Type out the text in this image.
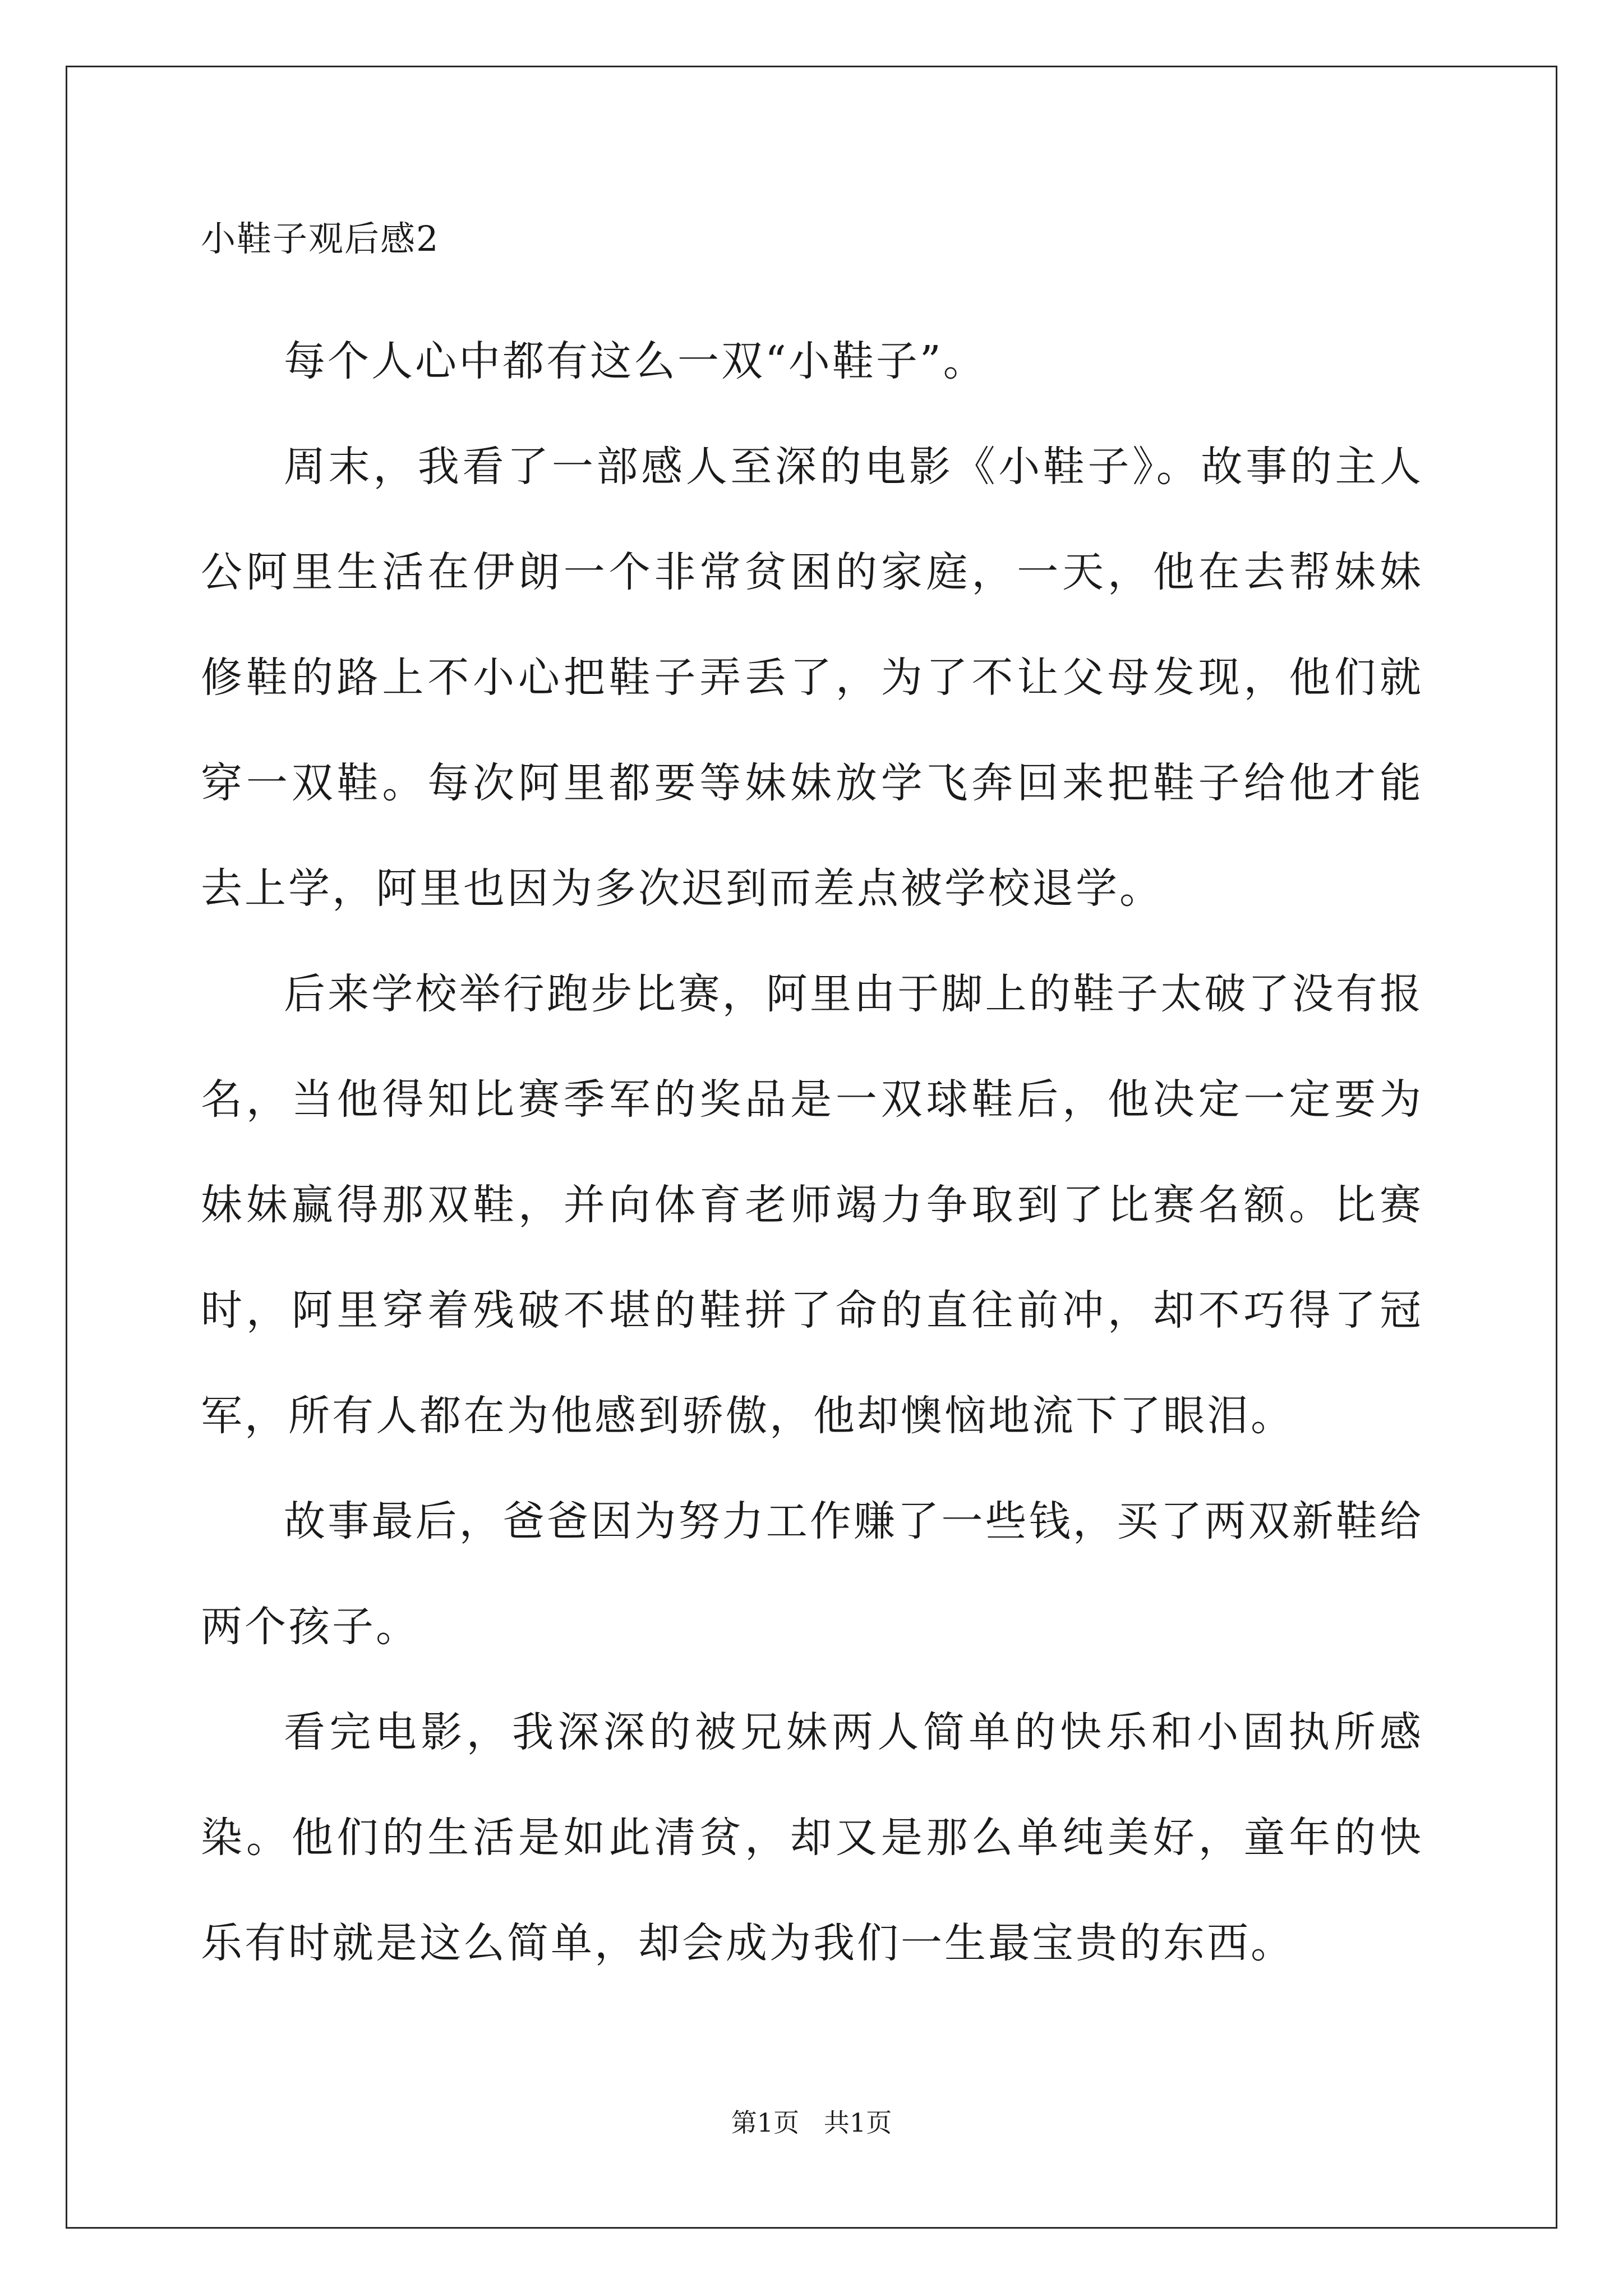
小鞋子观后感2

每个人心中都有这么一双“小鞋子”。

周末，我看了一部感人至深的电影《小鞋子》。故事的主人公阿里生活在伊朗一个非常贫困的家庭，一天，他在去帮妹妹修鞋的路上不小心把鞋子弄丢了，为了不让父母发现，他们就穿一双鞋。每次阿里都要等妹妹放学飞奔回来把鞋子给他才能去上学，阿里也因为多次迟到而差点被学校退学。

后来学校举行跑步比赛，阿里由于脚上的鞋子太破了没有报名，当他得知比赛季军的奖品是一双球鞋后，他决定一定要为妹妹赢得那双鞋，并向体育老师竭力争取到了比赛名额。比赛时，阿里穿着残破不堪的鞋拼了命的直往前冲，却不巧得了冠军，所有人都在为他感到骄傲，他却懊恼地流下了眼泪。

故事最后，爸爸因为努力工作赚了一些钱，买了两双新鞋给两个孩子。

看完电影，我深深的被兄妹两人简单的快乐和小固执所感染。他们的生活是如此清贫，却又是那么单纯美好，童年的快乐有时就是这么简单，却会成为我们一生最宝贵的东西。

第1页   共1页
